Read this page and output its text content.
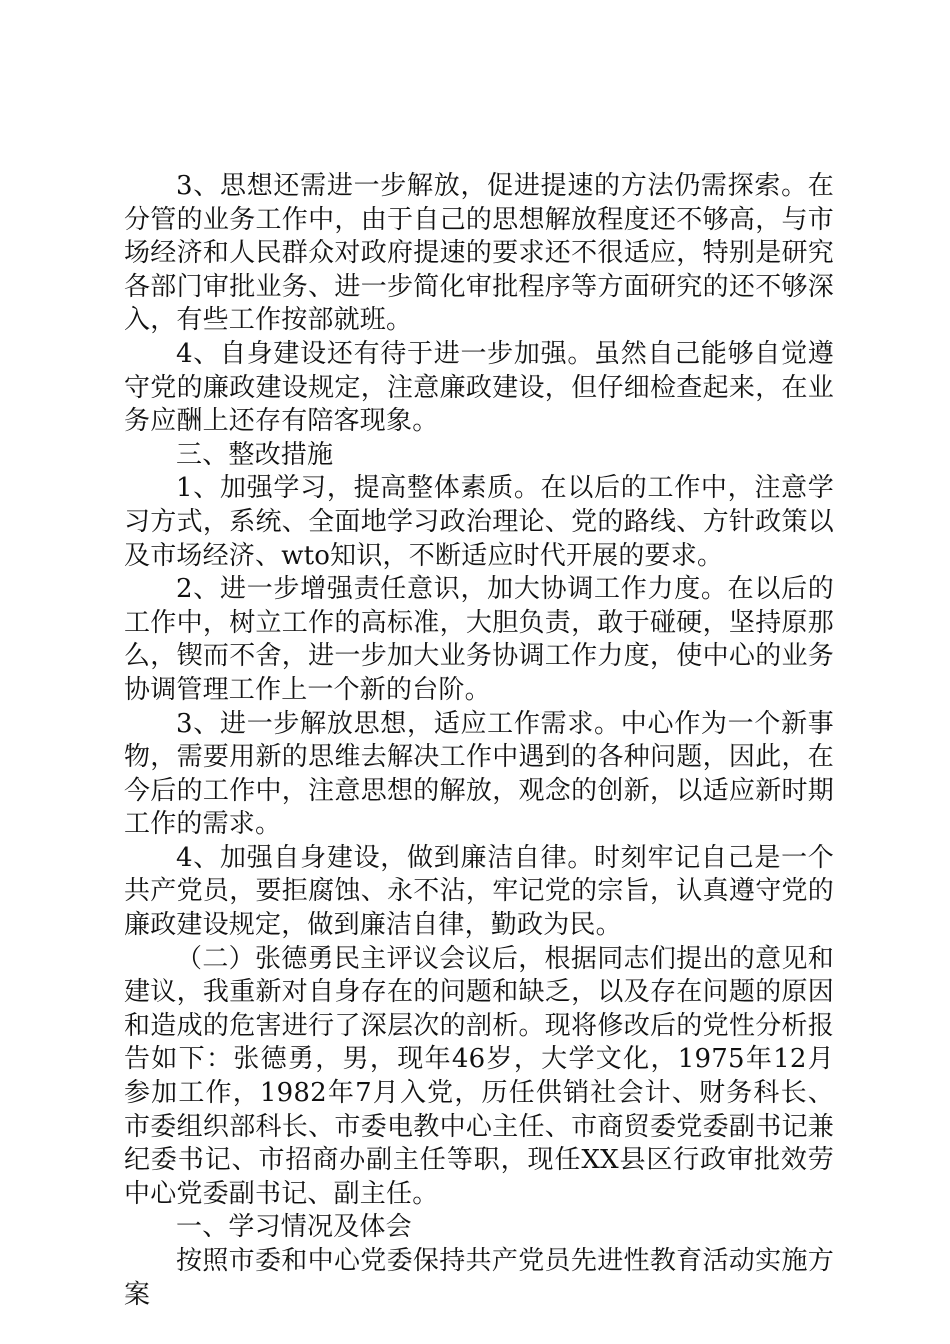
3、思想还需进一步解放，促进提速的方法仍需探索。在分管的业务工作中，由于自己的思想解放程度还不够高，与市场经济和人民群众对政府提速的要求还不很适应，特别是研究各部门审批业务、进一步简化审批程序等方面研究的还不够深入，有些工作按部就班。

4、自身建设还有待于进一步加强。虽然自己能够自觉遵守党的廉政建设规定，注意廉政建设，但仔细检查起来，在业务应酬上还存有陪客现象。

三、整改措施

1、加强学习，提高整体素质。在以后的工作中，注意学习方式，系统、全面地学习政治理论、党的路线、方针政策以及市场经济、wto知识，不断适应时代开展的要求。

2、进一步增强责任意识，加大协调工作力度。在以后的工作中，树立工作的高标准，大胆负责，敢于碰硬，坚持原那么，锲而不舍，进一步加大业务协调工作力度，使中心的业务协调管理工作上一个新的台阶。

3、进一步解放思想，适应工作需求。中心作为一个新事物，需要用新的思维去解决工作中遇到的各种问题，因此，在今后的工作中，注意思想的解放，观念的创新，以适应新时期工作的需求。

4、加强自身建设，做到廉洁自律。时刻牢记自己是一个共产党员，要拒腐蚀、永不沾，牢记党的宗旨，认真遵守党的廉政建设规定，做到廉洁自律，勤政为民。

（二）张德勇民主评议会议后，根据同志们提出的意见和建议，我重新对自身存在的问题和缺乏，以及存在问题的原因和造成的危害进行了深层次的剖析。现将修改后的党性分析报告如下：张德勇，男，现年46岁，大学文化，1975年12月参加工作，1982年7月入党，历任供销社会计、财务科长、市委组织部科长、市委电教中心主任、市商贸委党委副书记兼纪委书记、市招商办副主任等职，现任XX县区行政审批效劳中心党委副书记、副主任。

一、学习情况及体会

按照市委和中心党委保持共产党员先进性教育活动实施方案
